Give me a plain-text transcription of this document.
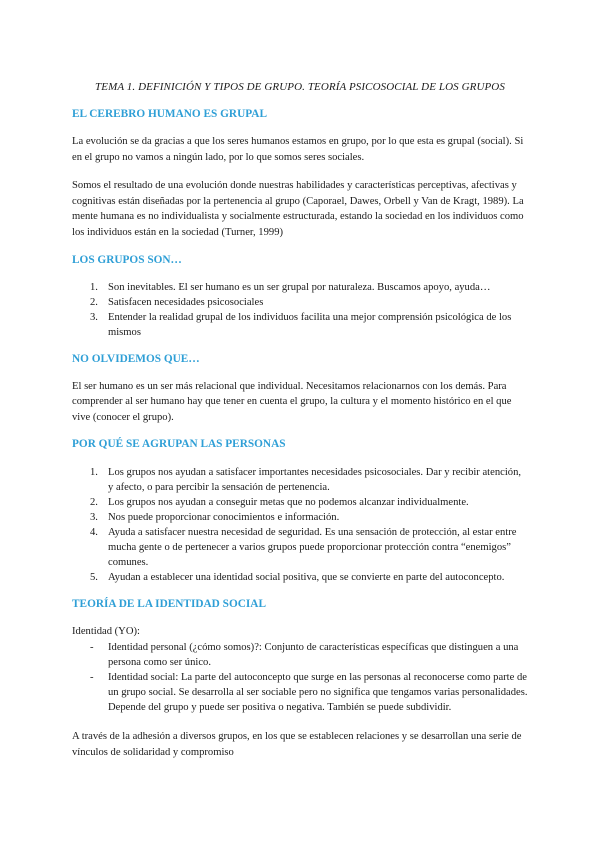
TEMA 1. DEFINICIÓN Y TIPOS DE GRUPO. TEORÍA PSICOSOCIAL DE LOS GRUPOS

EL CEREBRO HUMANO ES GRUPAL

La evolución se da gracias a que los seres humanos estamos en grupo, por lo que esta es grupal (social). Si en el grupo no vamos a ningún lado, por lo que somos seres sociales.

Somos el resultado de una evolución donde nuestras habilidades y características perceptivas, afectivas y cognitivas están diseñadas por la pertenencia al grupo (Caporael, Dawes, Orbell y Van de Kragt, 1989). La mente humana es no individualista y socialmente estructurada, estando la sociedad en los individuos como los individuos están en la sociedad (Turner, 1999)

LOS GRUPOS SON…
1. Son inevitables. El ser humano es un ser grupal por naturaleza. Buscamos apoyo, ayuda…
2. Satisfacen necesidades psicosociales
3. Entender la realidad grupal de los individuos facilita una mejor comprensión psicológica de los mismos
NO OLVIDEMOS QUE…

El ser humano es un ser más relacional que individual. Necesitamos relacionarnos con los demás. Para comprender al ser humano hay que tener en cuenta el grupo, la cultura y el momento histórico en el que vive (conocer el grupo).

POR QUÉ SE AGRUPAN LAS PERSONAS
1. Los grupos nos ayudan a satisfacer importantes necesidades psicosociales. Dar y recibir atención, y afecto, o para percibir la sensación de pertenencia.
2. Los grupos nos ayudan a conseguir metas que no podemos alcanzar individualmente.
3. Nos puede proporcionar conocimientos e información.
4. Ayuda a satisfacer nuestra necesidad de seguridad. Es una sensación de protección, al estar entre mucha gente o de pertenecer a varios grupos puede proporcionar protección contra “enemigos” comunes.
5. Ayudan a establecer una identidad social positiva, que se convierte en parte del autoconcepto.
TEORÍA DE LA IDENTIDAD SOCIAL

Identidad (YO):

- Identidad personal (¿cómo somos)?: Conjunto de características específicas que distinguen a una persona como ser único.
- Identidad social: La parte del autoconcepto que surge en las personas al reconocerse como parte de un grupo social. Se desarrolla al ser sociable pero no significa que tengamos varias personalidades. Depende del grupo y puede ser positiva o negativa. También se puede subdividir.

A través de la adhesión a diversos grupos, en los que se establecen relaciones y se desarrollan una serie de vínculos de solidaridad y compromiso
